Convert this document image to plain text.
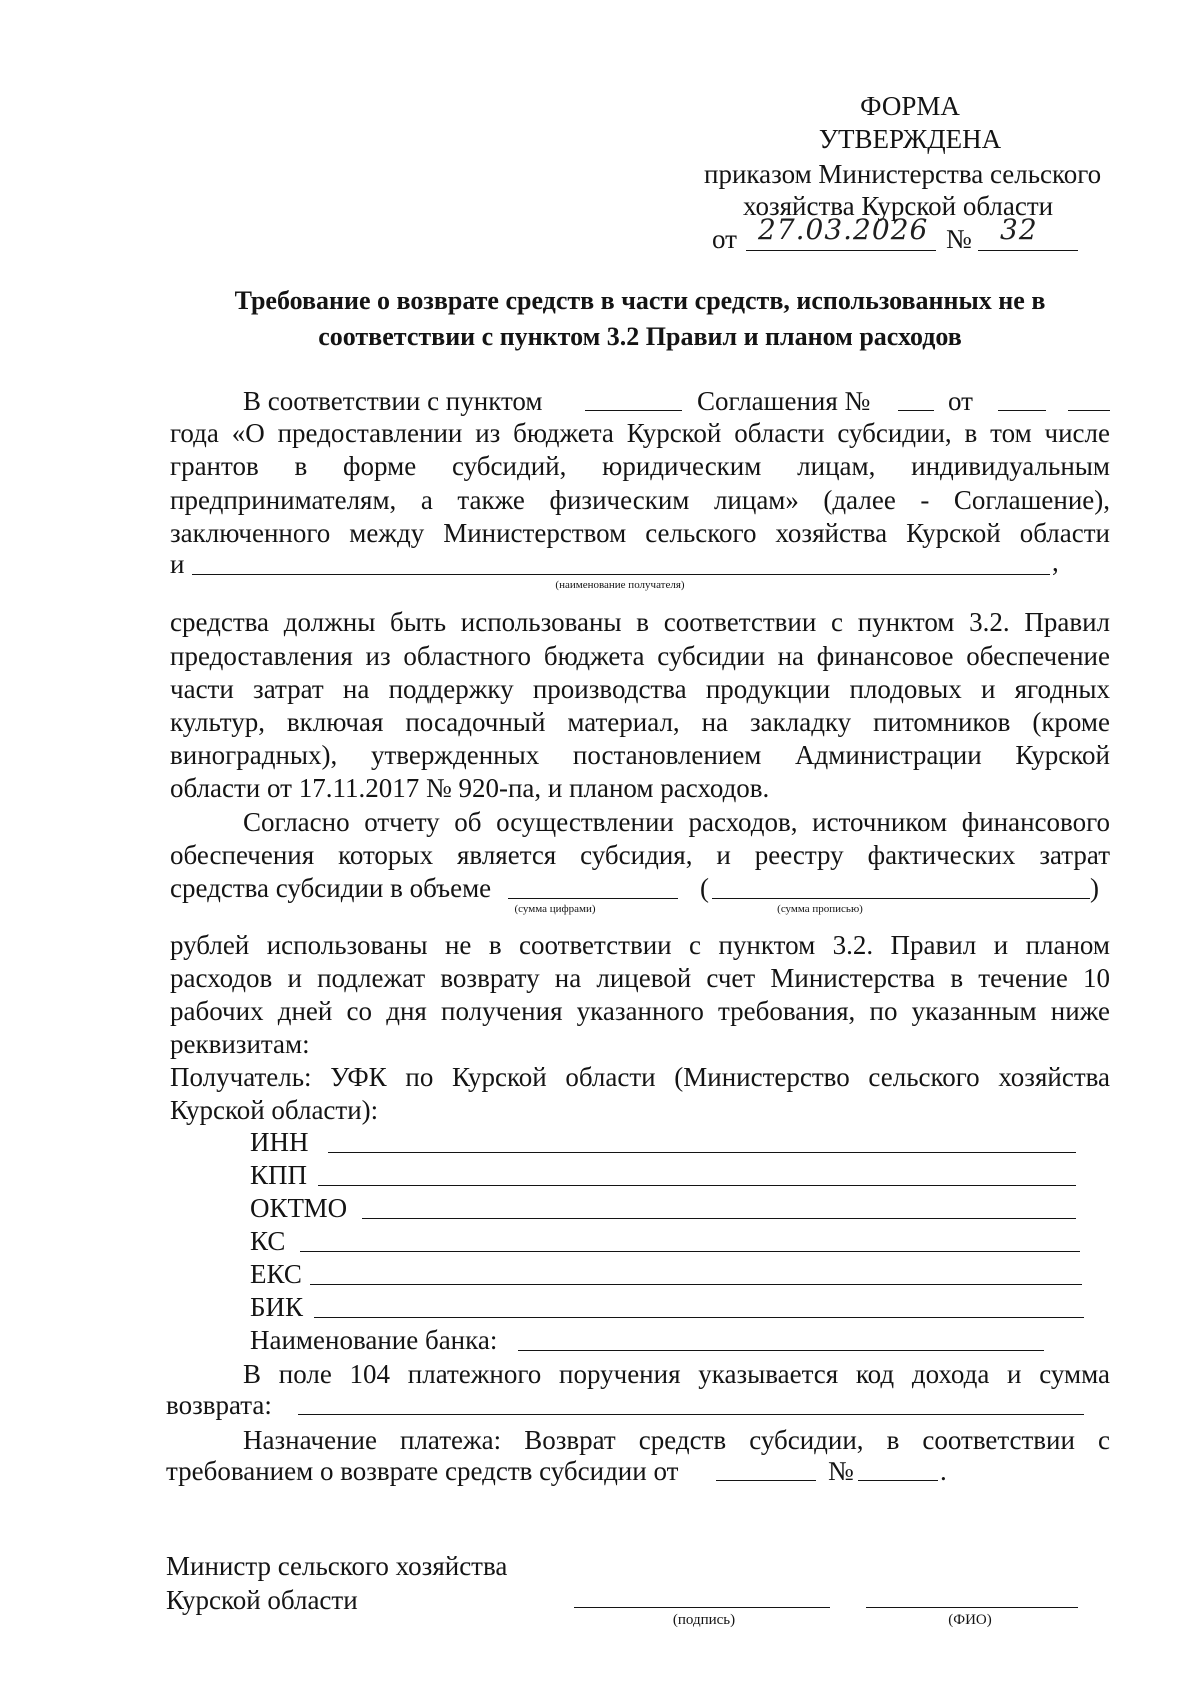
ФОРМА
УТВЕРЖДЕНА
приказом Министерства сельского
хозяйства Курской области
от 27.03.2026 № 32
Требование о возврате средств в части средств, использованных не в
соответствии с пунктом 3.2 Правил и планом расходов
В соответствии с пунктом	Соглашения №	от
года «О предоставлении из бюджета Курской области субсидии, в том числе
грантов в форме субсидий, юридическим лицам, индивидуальным
предпринимателям, а также физическим лицам» (далее - Соглашение),
заключенного между Министерством сельского хозяйства Курской области
и	,
(наименование получателя)
средства должны быть использованы в соответствии с пунктом 3.2. Правил
предоставления из областного бюджета субсидии на финансовое обеспечение
части затрат на поддержку производства продукции плодовых и ягодных
культур, включая посадочный материал, на закладку питомников (кроме
виноградных), утвержденных постановлением Администрации Курской
области от 17.11.2017 № 920-па, и планом расходов.
Согласно отчету об осуществлении расходов, источником финансового
обеспечения которых является субсидия, и реестру фактических затрат
средства субсидии в объеме	(	)
(сумма цифрами)	(сумма прописью)
рублей использованы не в соответствии с пунктом 3.2. Правил и планом
расходов и подлежат возврату на лицевой счет Министерства в течение 10
рабочих дней со дня получения указанного требования, по указанным ниже
реквизитам:
Получатель: УФК по Курской области (Министерство сельского хозяйства
Курской области):
ИНН
КПП
ОКТМО
КС
ЕКС
БИК
Наименование банка:
В поле 104 платежного поручения указывается код дохода и сумма
возврата:
Назначение платежа: Возврат средств субсидии, в соответствии с
требованием о возврате средств субсидии от	№	.
Министр сельского хозяйства
Курской области
(подпись)	(ФИО)
